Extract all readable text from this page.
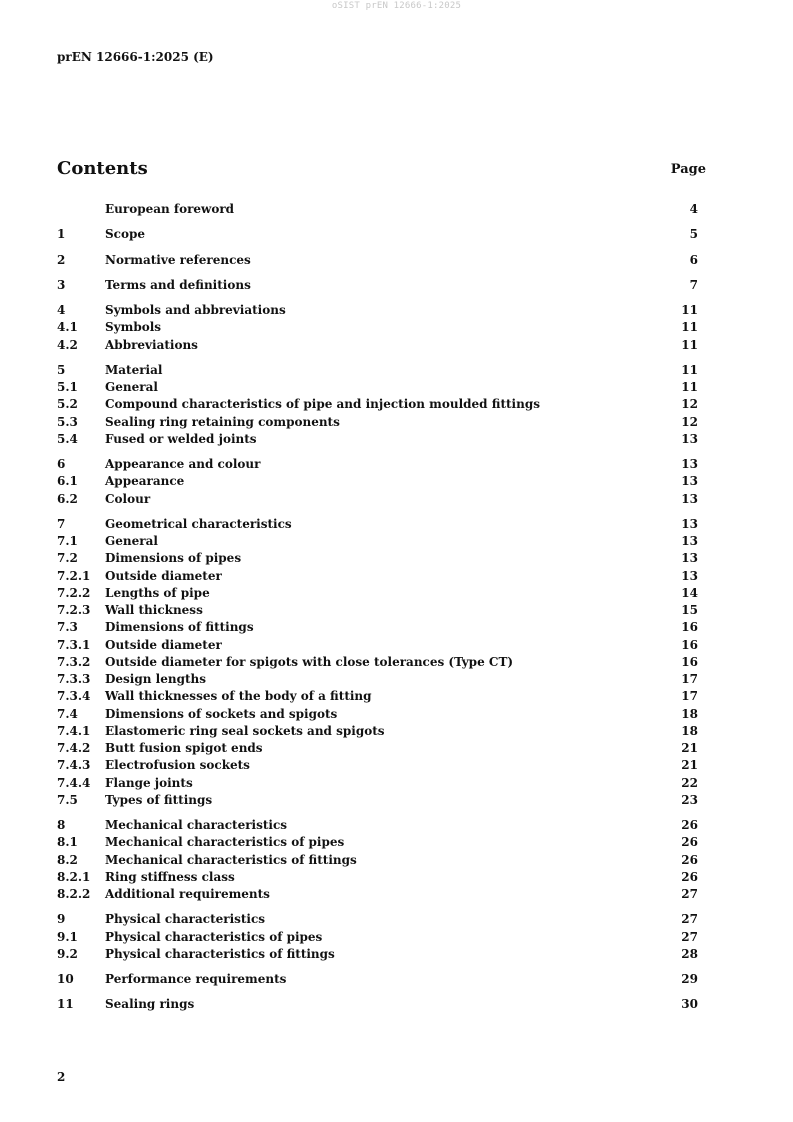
oSIST prEN 12666-1:2025
prEN 12666-1:2025 (E)
Contents	Page
European foreword	4
1	Scope	5
2	Normative references	6
3	Terms and definitions	7
4	Symbols and abbreviations	11
4.1	Symbols	11
4.2	Abbreviations	11
5	Material	11
5.1	General	11
5.2	Compound characteristics of pipe and injection moulded fittings	12
5.3	Sealing ring retaining components	12
5.4	Fused or welded joints	13
6	Appearance and colour	13
6.1	Appearance	13
6.2	Colour	13
7	Geometrical characteristics	13
7.1	General	13
7.2	Dimensions of pipes	13
7.2.1	Outside diameter	13
7.2.2	Lengths of pipe	14
7.2.3	Wall thickness	15
7.3	Dimensions of fittings	16
7.3.1	Outside diameter	16
7.3.2	Outside diameter for spigots with close tolerances (Type CT)	16
7.3.3	Design lengths	17
7.3.4	Wall thicknesses of the body of a fitting	17
7.4	Dimensions of sockets and spigots	18
7.4.1	Elastomeric ring seal sockets and spigots	18
7.4.2	Butt fusion spigot ends	21
7.4.3	Electrofusion sockets	21
7.4.4	Flange joints	22
7.5	Types of fittings	23
8	Mechanical characteristics	26
8.1	Mechanical characteristics of pipes	26
8.2	Mechanical characteristics of fittings	26
8.2.1	Ring stiffness class	26
8.2.2	Additional requirements	27
9	Physical characteristics	27
9.1	Physical characteristics of pipes	27
9.2	Physical characteristics of fittings	28
10	Performance requirements	29
11	Sealing rings	30
2
